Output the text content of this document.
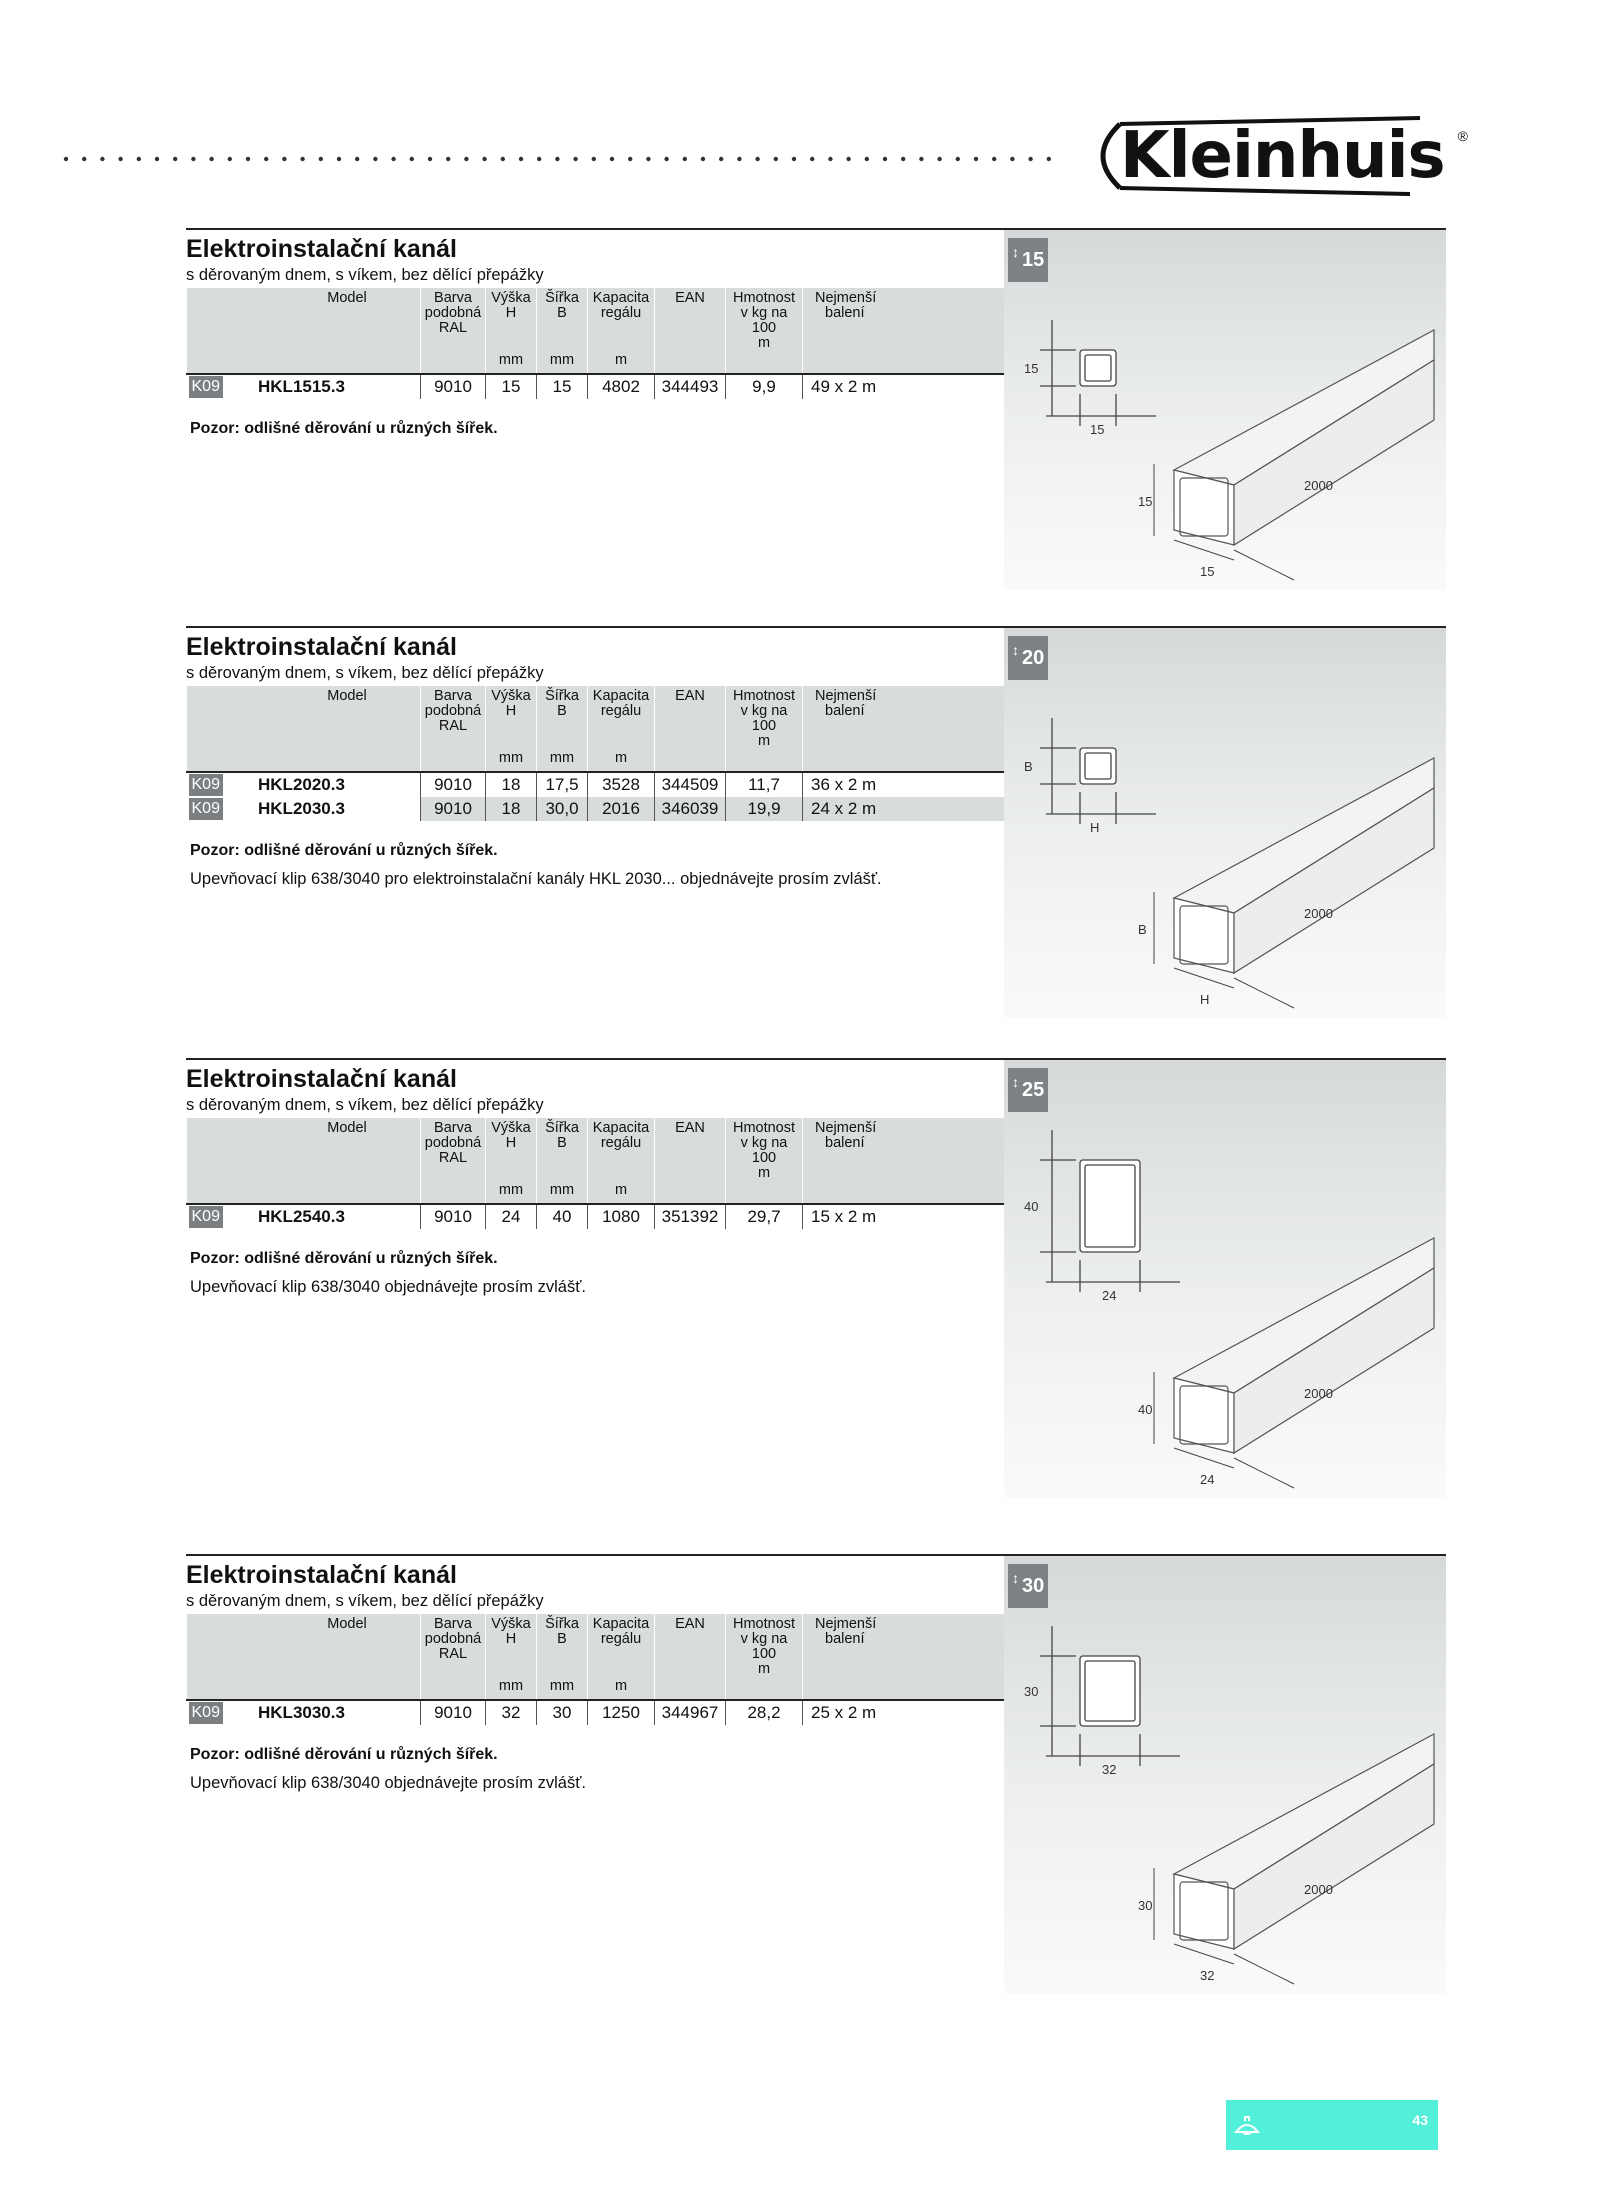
Kleinhuis ®
Elektroinstalační kanál
s děrovaným dnem, s víkem, bez dělící přepážky
Model		Barva
podobná
RAL	Výška
H	Šířka
B	Kapacita
regálu	EAN	Hmotnost
v kg na
100
m	Nejmenší
balení
			mm	mm	m			
K09	HKL1515.3	9010	15	15	4802	344493	9,9	49 x 2 m
Pozor: odlišné děrování u různých šířek.
↕ 15
15
15
15
15
2000
Elektroinstalační kanál
s děrovaným dnem, s víkem, bez dělící přepážky
Model		Barva
podobná
RAL	Výška
H	Šířka
B	Kapacita
regálu	EAN	Hmotnost
v kg na
100
m	Nejmenší
balení
			mm	mm	m			
K09	HKL2020.3	9010	18	17,5	3528	344509	11,7	36 x 2 m
K09	HKL2030.3	9010	18	30,0	2016	346039	19,9	24 x 2 m
Pozor: odlišné děrování u různých šířek.
Upevňovací klip 638/3040 pro elektroinstalační kanály HKL 2030... objednávejte prosím zvlášť.
↕ 20
B
H
B
H
2000
Elektroinstalační kanál
s děrovaným dnem, s víkem, bez dělící přepážky
Model		Barva
podobná
RAL	Výška
H	Šířka
B	Kapacita
regálu	EAN	Hmotnost
v kg na
100
m	Nejmenší
balení
			mm	mm	m			
K09	HKL2540.3	9010	24	40	1080	351392	29,7	15 x 2 m
Pozor: odlišné děrování u různých šířek.
Upevňovací klip 638/3040 objednávejte prosím zvlášť.
↕ 25
40
24
40
24
2000
Elektroinstalační kanál
s děrovaným dnem, s víkem, bez dělící přepážky
Model		Barva
podobná
RAL	Výška
H	Šířka
B	Kapacita
regálu	EAN	Hmotnost
v kg na
100
m	Nejmenší
balení
			mm	mm	m			
K09	HKL3030.3	9010	32	30	1250	344967	28,2	25 x 2 m
Pozor: odlišné děrování u různých šířek.
Upevňovací klip 638/3040 objednávejte prosím zvlášť.
↕ 30
30
32
30
32
2000
43
